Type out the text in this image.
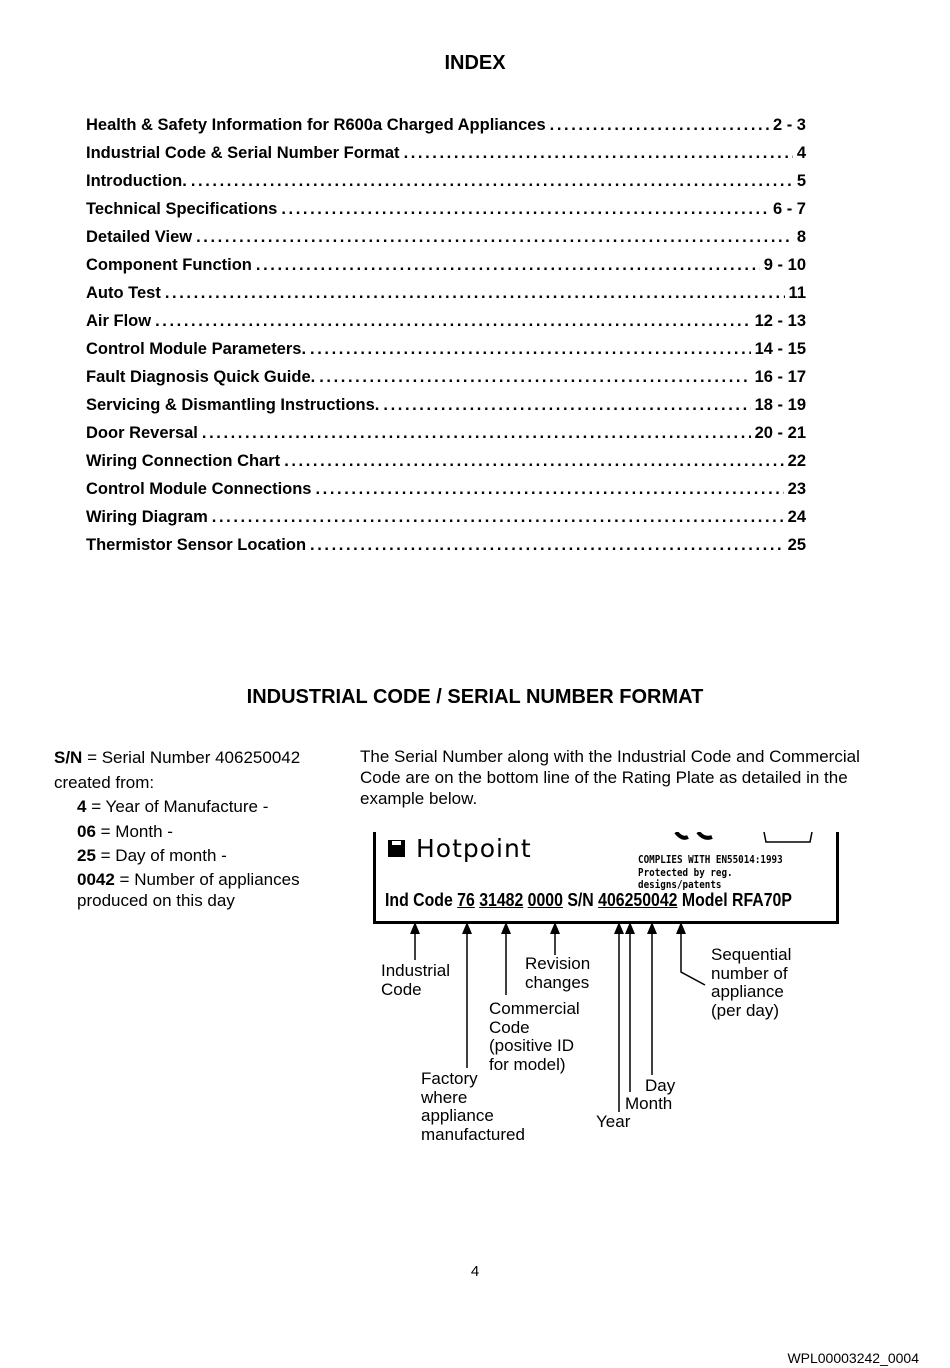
INDEX
Health & Safety Information for R600a Charged Appliances .....	2 - 3
Industrial Code & Serial Number Format .....	4
Introduction. .....	5
Technical Specifications .....	6 - 7
Detailed View .....	8
Component Function .....	9 - 10
Auto Test .....	11
Air Flow .....	12 - 13
Control Module Parameters. .....	14 - 15
Fault Diagnosis Quick Guide. .....	16 - 17
Servicing & Dismantling Instructions. .....	18 - 19
Door Reversal .....	20 - 21
Wiring Connection Chart .....	22
Control Module Connections .....	23
Wiring Diagram .....	24
Thermistor Sensor Location .....	25
INDUSTRIAL CODE / SERIAL NUMBER FORMAT
S/N = Serial Number 406250042
created from:
4 = Year of Manufacture -
06 = Month -
25 = Day of month -
0042 = Number of appliances
produced on this day
The Serial Number along with the Industrial Code and Commercial Code are on the bottom line of the Rating Plate as detailed in the example below.
Hotpoint	COMPLIES WITH EN55014:1993
Protected by reg. designs/patents
Ind Code 76 31482 0000 S/N 406250042 Model RFA70P
Industrial
Code
Revision
changes
Commercial
Code
(positive ID
for model)
Factory
where
appliance
manufactured
Sequential
number of
appliance
(per day)
Day
Month
Year
4
WPL00003242_0004
